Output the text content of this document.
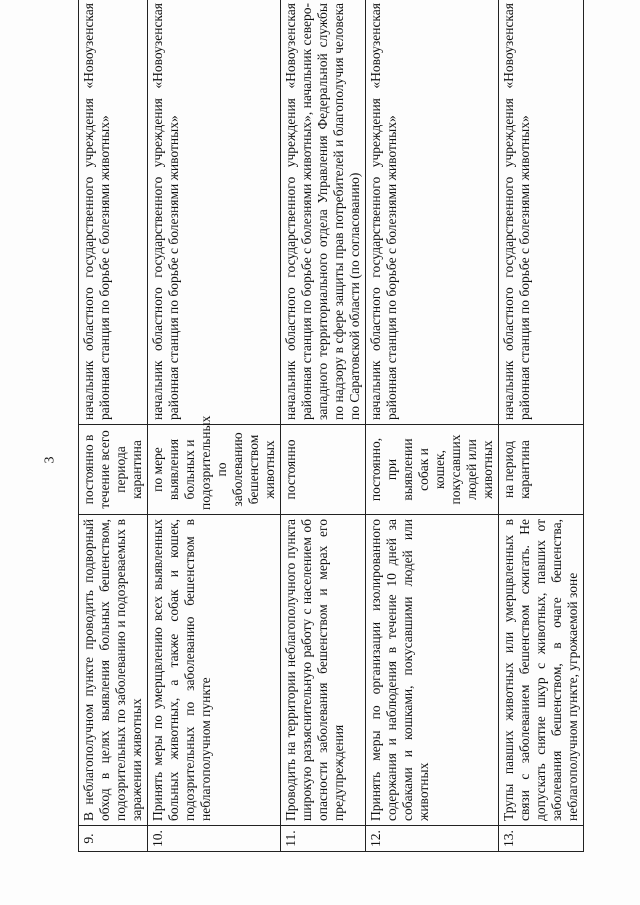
3
9.	В неблагополучном пункте проводить подворный обход в целях выявления больных бешенством, подозрительных по заболеванию и подозреваемых в заражении животных	постоянно в течение всего периода карантина	начальник областного государственного учреждения «Новоузенская районная станция по борьбе с болезнями животных»
10.	Принять меры по умерщвлению всех выявленных больных животных, а также собак и кошек, подозрительных по заболеванию бешенством в неблагополучном пункте	по мере выявления больных и подозрительных по заболеванию бешенством животных	начальник областного государственного учреждения «Новоузенская районная станция по борьбе с болезнями животных»
11.	Проводить на территории неблагополучного пункта широкую разъяснительную работу с населением об опасности заболевания бешенством и мерах его предупреждения	постоянно	начальник областного государственного учреждения «Новоузенская районная станция по борьбе с болезнями животных», начальник северо-западного территориального отдела Управления Федеральной службы по надзору в сфере защиты прав потребителей и благополучия человека по Саратовской области (по согласованию)
12.	Принять меры по организации изолированного содержания и наблюдения в течение 10 дней за собаками и кошками, покусавшими людей или животных	постоянно, при выявлении собак и кошек, покусавших людей или животных	начальник областного государственного учреждения «Новоузенская районная станция по борьбе с болезнями животных»
13.	Трупы павших животных или умерщвленных в связи с заболеванием бешенством сжигать. Не допускать снятие шкур с животных, павших от заболевания бешенством, в очаге бешенства, неблагополучном пункте, угрожаемой зоне	на период карантина	начальник областного государственного учреждения «Новоузенская районная станция по борьбе с болезнями животных»
